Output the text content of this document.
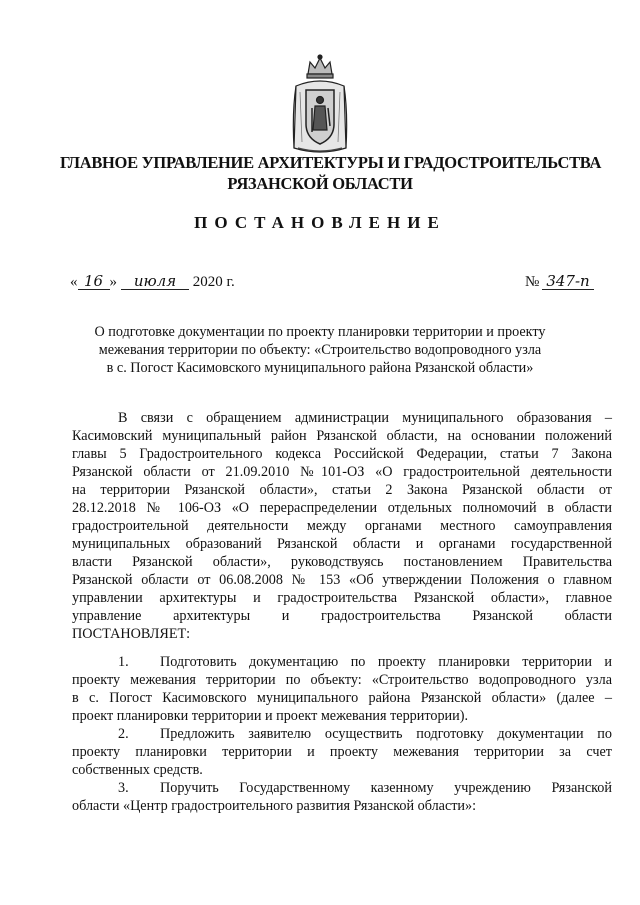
ГЛАВНОЕ УПРАВЛЕНИЕ АРХИТЕКТУРЫ И ГРАДОСТРОИТЕЛЬСТВА
РЯЗАНСКОЙ ОБЛАСТИ
ПОСТАНОВЛЕНИЕ
« 16 » июля 2020 г.	№ 347-п
О подготовке документации по проекту планировки территории и проекту
межевания территории по объекту: «Строительство водопроводного узла
в с. Погост Касимовского муниципального района Рязанской области»
В связи с обращением администрации муниципального образования –
Касимовский муниципальный район Рязанской области, на основании положений
главы 5 Градостроительного кодекса Российской Федерации, статьи 7 Закона
Рязанской области от 21.09.2010 №101-ОЗ «О градостроительной деятельности
на территории Рязанской области», статьи 2 Закона Рязанской области от
28.12.2018 № 106-ОЗ «О перераспределении отдельных полномочий в области
градостроительной деятельности между органами местного самоуправления
муниципальных образований Рязанской области и органами государственной
власти Рязанской области», руководствуясь постановлением Правительства
Рязанской области от 06.08.2008 № 153 «Об утверждении Положения о главном
управлении архитектуры и градостроительства Рязанской области», главное
управление архитектуры и градостроительства Рязанской области
ПОСТАНОВЛЯЕТ:
1. Подготовить документацию по проекту планировки территории и
проекту межевания территории по объекту: «Строительство водопроводного узла
в с. Погост Касимовского муниципального района Рязанской области» (далее –
проект планировки территории и проект межевания территории).
2. Предложить заявителю осуществить подготовку документации по
проекту планировки территории и проекту межевания территории за счет
собственных средств.
3. Поручить Государственному казенному учреждению Рязанской
области «Центр градостроительного развития Рязанской области»:
